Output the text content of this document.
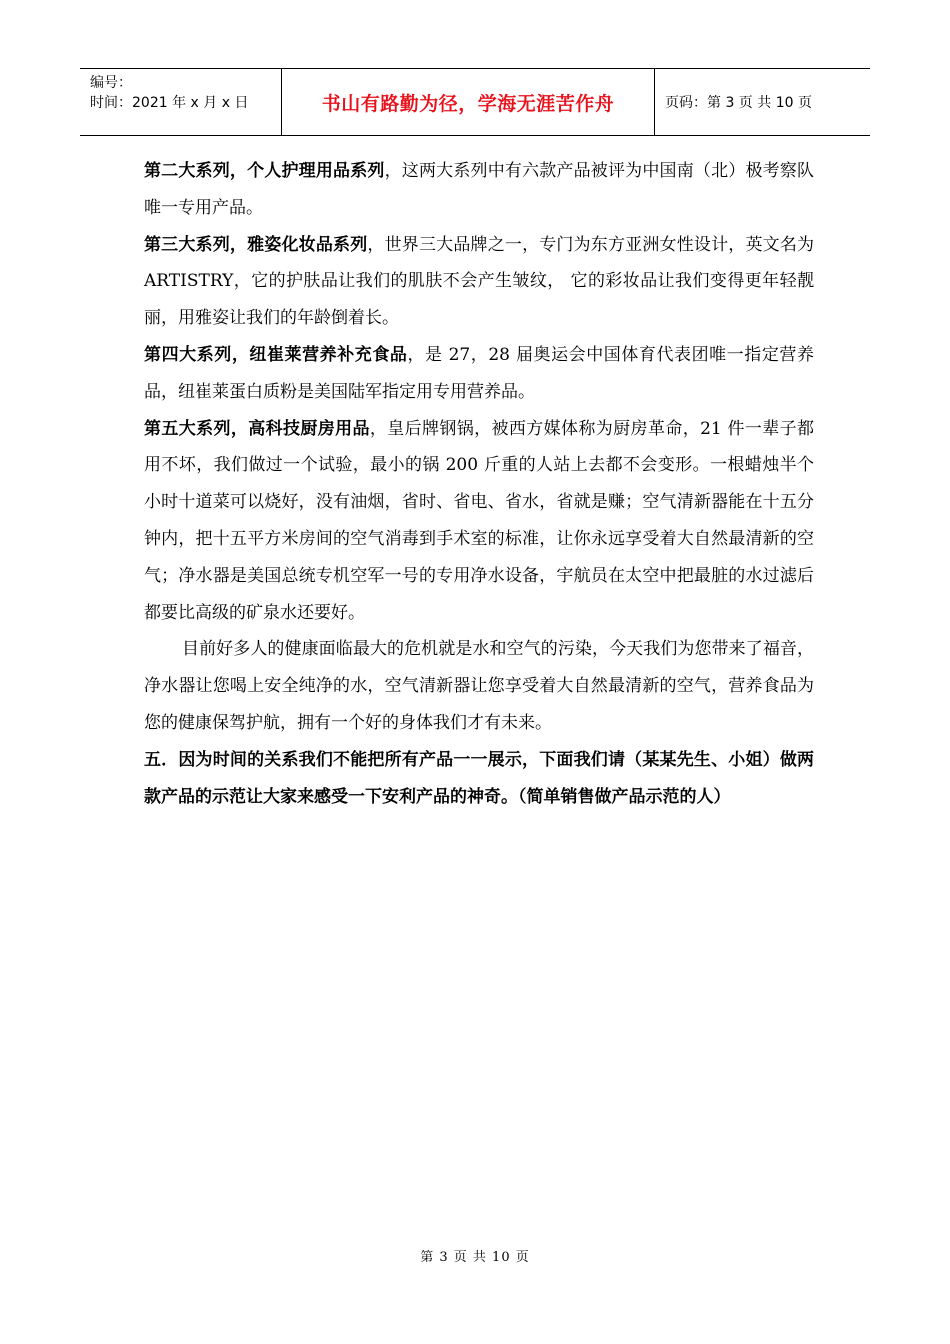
编号：
时间：2021 年 x 月 x 日	书山有路勤为径，学海无涯苦作舟	页码：第 3 页 共 10 页

第二大系列，个人护理用品系列，这两大系列中有六款产品被评为中国南（北）极考察队唯一专用产品。

第三大系列，雅姿化妆品系列，世界三大品牌之一，专门为东方亚洲女性设计，英文名为 ARTISTRY，它的护肤品让我们的肌肤不会产生皱纹， 它的彩妆品让我们变得更年轻靓丽，用雅姿让我们的年龄倒着长。

第四大系列，纽崔莱营养补充食品，是 27，28 届奥运会中国体育代表团唯一指定营养品，纽崔莱蛋白质粉是美国陆军指定用专用营养品。

第五大系列，高科技厨房用品，皇后牌钢锅，被西方媒体称为厨房革命，21 件一辈子都用不坏，我们做过一个试验，最小的锅 200 斤重的人站上去都不会变形。一根蜡烛半个小时十道菜可以烧好，没有油烟，省时、省电、省水，省就是赚；空气清新器能在十五分钟内，把十五平方米房间的空气消毒到手术室的标准，让你永远享受着大自然最清新的空气；净水器是美国总统专机空军一号的专用净水设备，宇航员在太空中把最脏的水过滤后都要比高级的矿泉水还要好。

目前好多人的健康面临最大的危机就是水和空气的污染，今天我们为您带来了福音，净水器让您喝上安全纯净的水，空气清新器让您享受着大自然最清新的空气，营养食品为您的健康保驾护航，拥有一个好的身体我们才有未来。

五．因为时间的关系我们不能把所有产品一一展示，下面我们请（某某先生、小姐）做两款产品的示范让大家来感受一下安利产品的神奇。（简单销售做产品示范的人）

第 3 页 共 10 页
